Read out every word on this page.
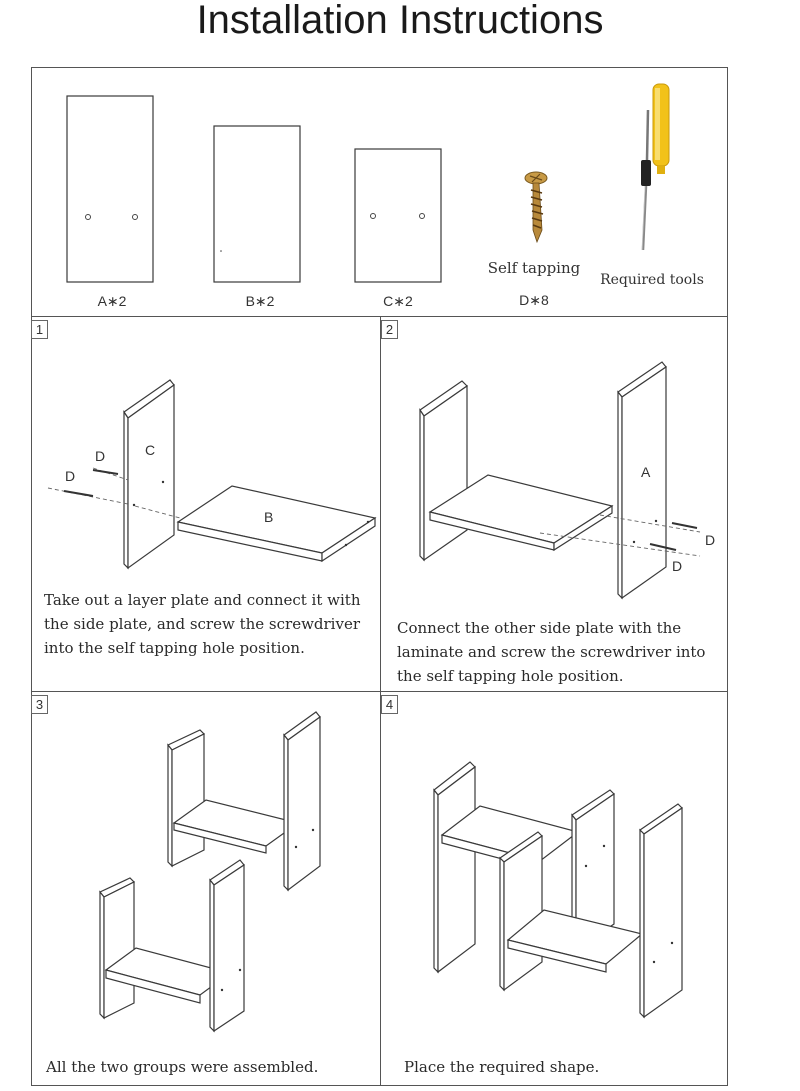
Installation Instructions
A∗2	B∗2	C∗2
Self tapping
D∗8
Required tools
1	2
3	4
D
D
C
B
A
D
D
Take out a layer plate and connect it with the side plate, and screw the screwdriver into the self tapping hole position.
Connect the other side plate with the laminate and screw the screwdriver into the self tapping hole position.
All the two groups were assembled.	Place the required shape.
